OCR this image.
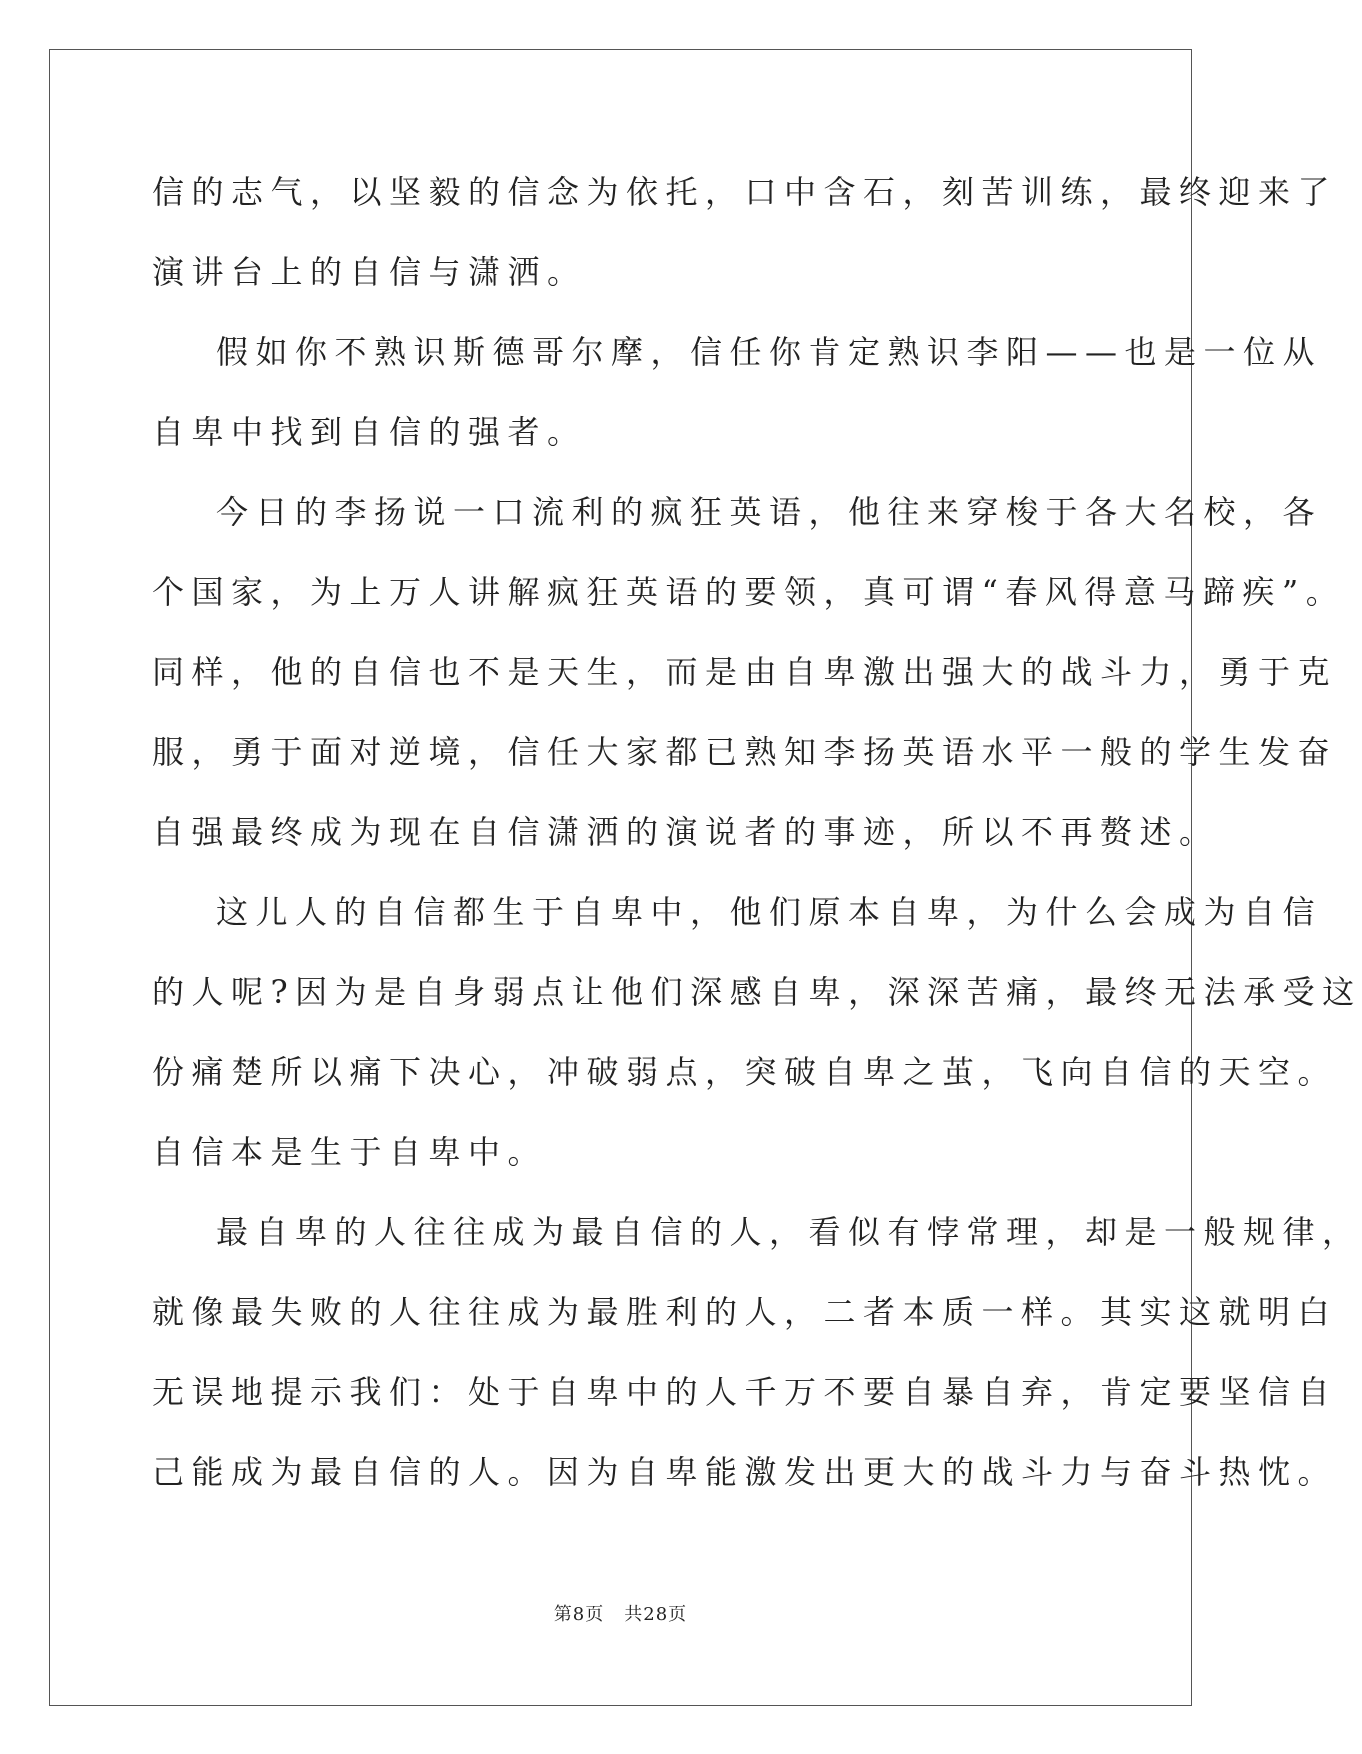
信的志气，以坚毅的信念为依托，口中含石，刻苦训练，最终迎来了
演讲台上的自信与潇洒。
假如你不熟识斯德哥尔摩，信任你肯定熟识李阳——也是一位从
自卑中找到自信的强者。
今日的李扬说一口流利的疯狂英语，他往来穿梭于各大名校，各
个国家，为上万人讲解疯狂英语的要领，真可谓“春风得意马蹄疾”。
同样，他的自信也不是天生，而是由自卑激出强大的战斗力，勇于克
服，勇于面对逆境，信任大家都已熟知李扬英语水平一般的学生发奋
自强最终成为现在自信潇洒的演说者的事迹，所以不再赘述。
这儿人的自信都生于自卑中，他们原本自卑，为什么会成为自信
的人呢?因为是自身弱点让他们深感自卑，深深苦痛，最终无法承受这
份痛楚所以痛下决心，冲破弱点，突破自卑之茧，飞向自信的天空。
自信本是生于自卑中。
最自卑的人往往成为最自信的人，看似有悖常理，却是一般规律，
就像最失败的人往往成为最胜利的人，二者本质一样。其实这就明白
无误地提示我们：处于自卑中的人千万不要自暴自弃，肯定要坚信自
己能成为最自信的人。因为自卑能激发出更大的战斗力与奋斗热忱。
第8页 共28页
